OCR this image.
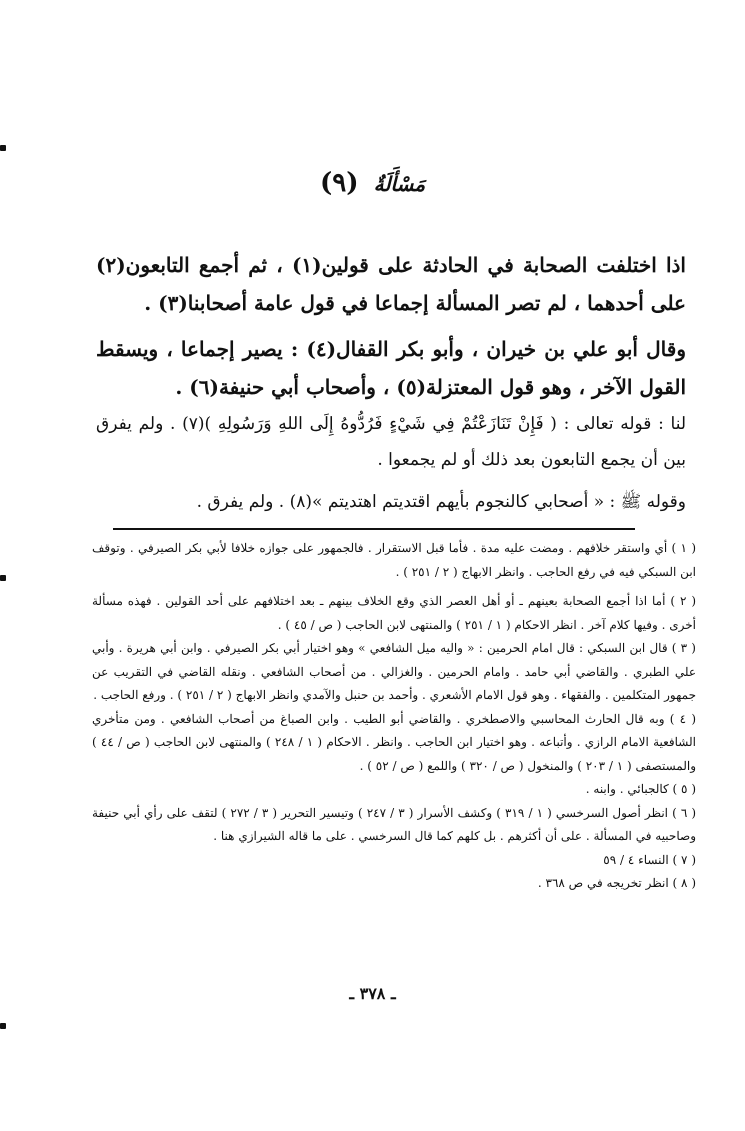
مَسْأَلَةٌ (٩)
اذا اختلفت الصحابة في الحادثة على قولين(١) ، ثم أجمع التابعون(٢) على أحدهما ، لم تصر المسألة إجماعا في قول عامة أصحابنا(٣) .
وقال أبو علي بن خيران ، وأبو بكر القفال(٤) : يصير إجماعا ، ويسقط القول الآخر ، وهو قول المعتزلة(٥) ، وأصحاب أبي حنيفة(٦) .
لنا : قوله تعالى : ( فَإِنْ تَنَازَعْتُمْ فِي شَيْءٍ فَرُدُّوهُ إِلَى اللهِ وَرَسُولِهِ )(٧) . ولم يفرق بين أن يجمع التابعون بعد ذلك أو لم يجمعوا .
وقوله ﷺ : « أصحابي كالنجوم بأيهم اقتديتم اهتديتم »(٨) . ولم يفرق .

( ١ ) أي واستقر خلافهم . ومضت عليه مدة . فأما قبل الاستقرار . فالجمهور على جوازه خلافا لأبي بكر الصيرفي . وتوقف ابن السبكي فيه في رفع الحاجب . وانظر الابهاج ( ٢ / ٢٥١ ) .

( ٢ ) أما اذا أجمع الصحابة بعينهم ـ أو أهل العصر الذي وقع الخلاف بينهم ـ بعد اختلافهم على أحد القولين . فهذه مسألة أخرى . وفيها كلام آخر . انظر الاحكام ( ١ / ٢٥١ ) والمنتهى لابن الحاجب ( ص / ٤٥ ) .

( ٣ ) قال ابن السبكي : قال امام الحرمين : « واليه ميل الشافعي » وهو اختيار أبي بكر الصيرفي . وابن أبي هريرة . وأبي علي الطبري . والقاضي أبي حامد . وامام الحرمين . والغزالي . من أصحاب الشافعي . ونقله القاضي في التقريب عن جمهور المتكلمين . والفقهاء . وهو قول الامام الأشعري . وأحمد بن حنبل والآمدي وانظر الابهاج ( ٢ / ٢٥١ ) . ورفع الحاجب .

( ٤ ) وبه قال الحارث المحاسبي والاصطخري . والقاضي أبو الطيب . وابن الصباغ من أصحاب الشافعي . ومن متأخري الشافعية الامام الرازي . وأتباعه . وهو اختيار ابن الحاجب . وانظر . الاحكام ( ١ / ٢٤٨ ) والمنتهى لابن الحاجب ( ص / ٤٤ ) والمستصفى ( ١ / ٢٠٣ ) والمنخول ( ص / ٣٢٠ ) واللمع ( ص / ٥٢ ) .

( ٥ ) كالجبائي . وابنه .

( ٦ ) انظر أصول السرخسي ( ١ / ٣١٩ ) وكشف الأسرار ( ٣ / ٢٤٧ ) وتيسير التحرير ( ٣ / ٢٧٢ ) لتقف على رأي أبي حنيفة وصاحبيه في المسألة . على أن أكثرهم . بل كلهم كما قال السرخسي . على ما قاله الشيرازي هنا .

( ٧ ) النساء ٤ / ٥٩

( ٨ ) انظر تخريجه في ص ٣٦٨ .

ـ ٣٧٨ ـ
